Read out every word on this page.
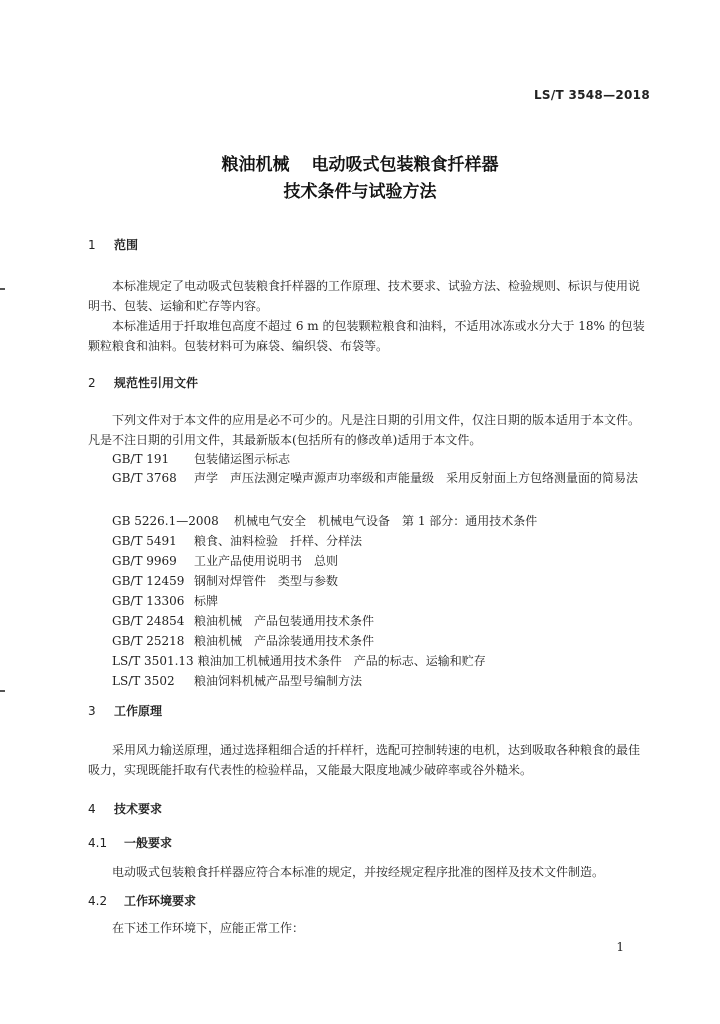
LS/T 3548—2018
粮油机械 电动吸式包装粮食扦样器
技术条件与试验方法
1 范围

本标准规定了电动吸式包装粮食扦样器的工作原理、技术要求、试验方法、检验规则、标识与使用说明书、包装、运输和贮存等内容。

本标准适用于扦取堆包高度不超过 6 m 的包装颗粒粮食和油料，不适用冰冻或水分大于 18% 的包装颗粒粮食和油料。包装材料可为麻袋、编织袋、布袋等。

2 规范性引用文件

下列文件对于本文件的应用是必不可少的。凡是注日期的引用文件，仅注日期的版本适用于本文件。凡是不注日期的引用文件，其最新版本(包括所有的修改单)适用于本文件。

GB/T 191 包装储运图示标志

GB/T 3768 声学　声压法测定噪声源声功率级和声能量级　采用反射面上方包络测量面的简易法

GB 5226.1—2008 机械电气安全　机械电气设备　第 1 部分：通用技术条件
GB/T 5491 粮食、油料检验　扦样、分样法
GB/T 9969 工业产品使用说明书　总则
GB/T 12459 钢制对焊管件　类型与参数
GB/T 13306 标牌
GB/T 24854 粮油机械　产品包装通用技术条件
GB/T 25218 粮油机械　产品涂装通用技术条件
LS/T 3501.13 粮油加工机械通用技术条件　产品的标志、运输和贮存
LS/T 3502 粮油饲料机械产品型号编制方法
3 工作原理

采用风力输送原理，通过选择粗细合适的扦样杆，选配可控制转速的电机，达到吸取各种粮食的最佳吸力，实现既能扦取有代表性的检验样品，又能最大限度地减少破碎率或谷外糙米。

4 技术要求
4.1 一般要求

电动吸式包装粮食扦样器应符合本标准的规定，并按经规定程序批准的图样及技术文件制造。

4.2 工作环境要求

在下述工作环境下，应能正常工作：

1
